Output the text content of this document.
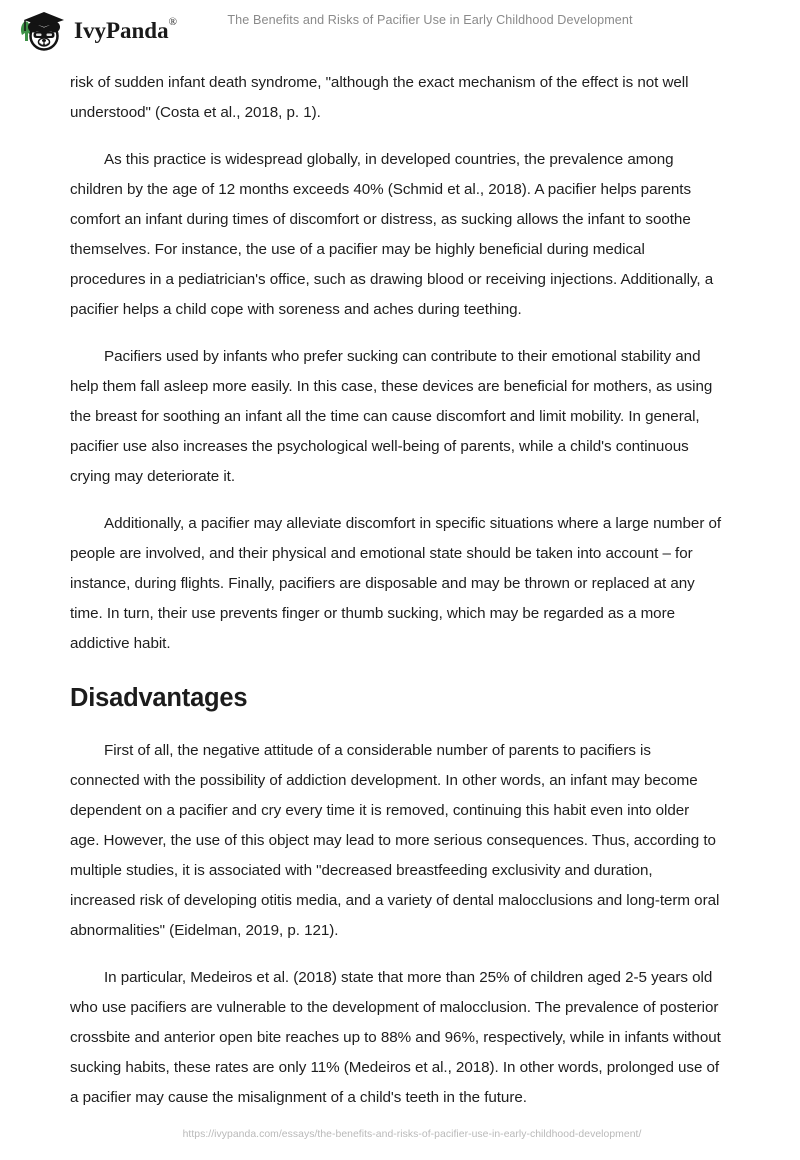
IvyPanda®	The Benefits and Risks of Pacifier Use in Early Childhood Development

risk of sudden infant death syndrome, "although the exact mechanism of the effect is not well understood" (Costa et al., 2018, p. 1).

As this practice is widespread globally, in developed countries, the prevalence among children by the age of 12 months exceeds 40% (Schmid et al., 2018). A pacifier helps parents comfort an infant during times of discomfort or distress, as sucking allows the infant to soothe themselves. For instance, the use of a pacifier may be highly beneficial during medical procedures in a pediatrician's office, such as drawing blood or receiving injections. Additionally, a pacifier helps a child cope with soreness and aches during teething.

Pacifiers used by infants who prefer sucking can contribute to their emotional stability and help them fall asleep more easily. In this case, these devices are beneficial for mothers, as using the breast for soothing an infant all the time can cause discomfort and limit mobility. In general, pacifier use also increases the psychological well-being of parents, while a child's continuous crying may deteriorate it.

Additionally, a pacifier may alleviate discomfort in specific situations where a large number of people are involved, and their physical and emotional state should be taken into account – for instance, during flights. Finally, pacifiers are disposable and may be thrown or replaced at any time. In turn, their use prevents finger or thumb sucking, which may be regarded as a more addictive habit.

Disadvantages

First of all, the negative attitude of a considerable number of parents to pacifiers is connected with the possibility of addiction development. In other words, an infant may become dependent on a pacifier and cry every time it is removed, continuing this habit even into older age. However, the use of this object may lead to more serious consequences. Thus, according to multiple studies, it is associated with "decreased breastfeeding exclusivity and duration, increased risk of developing otitis media, and a variety of dental malocclusions and long-term oral abnormalities" (Eidelman, 2019, p. 121).

In particular, Medeiros et al. (2018) state that more than 25% of children aged 2-5 years old who use pacifiers are vulnerable to the development of malocclusion. The prevalence of posterior crossbite and anterior open bite reaches up to 88% and 96%, respectively, while in infants without sucking habits, these rates are only 11% (Medeiros et al., 2018). In other words, prolonged use of a pacifier may cause the misalignment of a child's teeth in the future.

https://ivypanda.com/essays/the-benefits-and-risks-of-pacifier-use-in-early-childhood-development/
